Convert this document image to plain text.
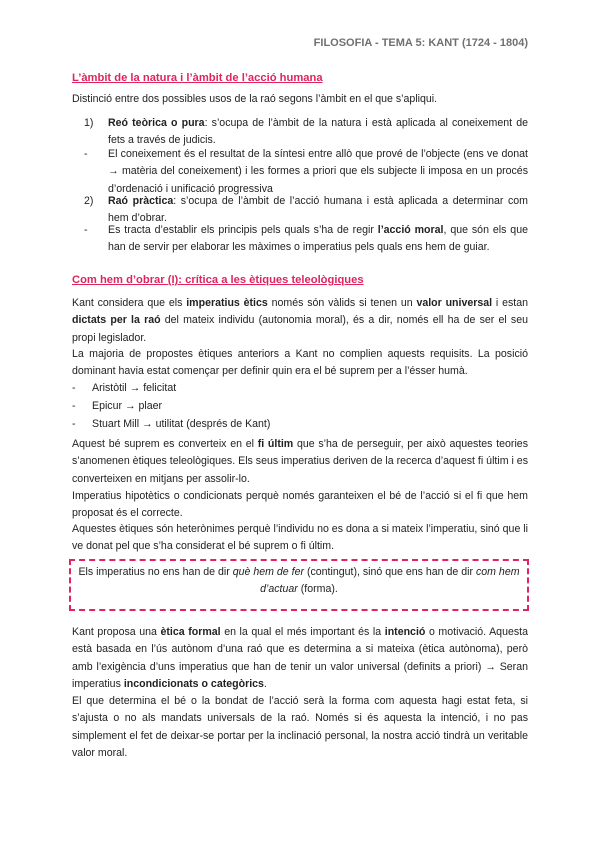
FILOSOFIA - TEMA 5: KANT (1724 - 1804)
L’àmbit de la natura i l’àmbit de l’acció humana

Distinció entre dos possibles usos de la raó segons l’àmbit en el que s’apliqui.

1)	Reó teòrica o pura: s’ocupa de l’àmbit de la natura i està aplicada al coneixement de fets a través de judicis.
-	El coneixement és el resultat de la síntesi entre allò que prové de l’objecte (ens ve donat → matèria del coneixement) i les formes a priori que els subjecte li imposa en un procés d’ordenació i unificació progressiva
2)	Raó pràctica: s’ocupa de l’àmbit de l’acció humana i està aplicada a determinar com hem d’obrar.
-	Es tracta d’establir els principis pels quals s’ha de regir l’acció moral, que són els que han de servir per elaborar les màximes o imperatius pels quals ens hem de guiar.
Com hem d’obrar (I): crítica a les ètiques teleològiques

Kant considera que els imperatius ètics només són vàlids si tenen un valor universal i estan dictats per la raó del mateix individu (autonomia moral), és a dir, només ell ha de ser el seu propi legislador.

La majoria de propostes ètiques anteriors a Kant no complien aquests requisits. La posició dominant havia estat començar per definir quin era el bé suprem per a l’ésser humà.

-	Aristòtil → felicitat
-	Epicur → plaer
-	Stuart Mill → utilitat (després de Kant)

Aquest bé suprem es converteix en el fi últim que s’ha de perseguir, per això aquestes teories s’anomenen ètiques teleològiques. Els seus imperatius deriven de la recerca d’aquest fi últim i es converteixen en mitjans per assolir-lo.

Imperatius hipotètics o condicionats perquè només garanteixen el bé de l’acció si el fi que hem proposat és el correcte.

Aquestes ètiques són heterònimes perquè l’individu no es dona a si mateix l’imperatiu, sinó que li ve donat pel que s’ha considerat el bé suprem o fi últim.

Els imperatius no ens han de dir què hem de fer (contingut), sinó que ens han de dir com hem d’actuar (forma).

Kant proposa una ètica formal en la qual el més important és la intenció o motivació. Aquesta està basada en l’ús autònom d’una raó que es determina a si mateixa (ètica autònoma), però amb l’exigència d’uns imperatius que han de tenir un valor universal (definits a priori) → Seran imperatius incondicionats o categòrics.

El que determina el bé o la bondat de l’acció serà la forma com aquesta hagi estat feta, si s’ajusta o no als mandats universals de la raó. Només si és aquesta la intenció, i no pas simplement el fet de deixar-se portar per la inclinació personal, la nostra acció tindrà un veritable valor moral.
